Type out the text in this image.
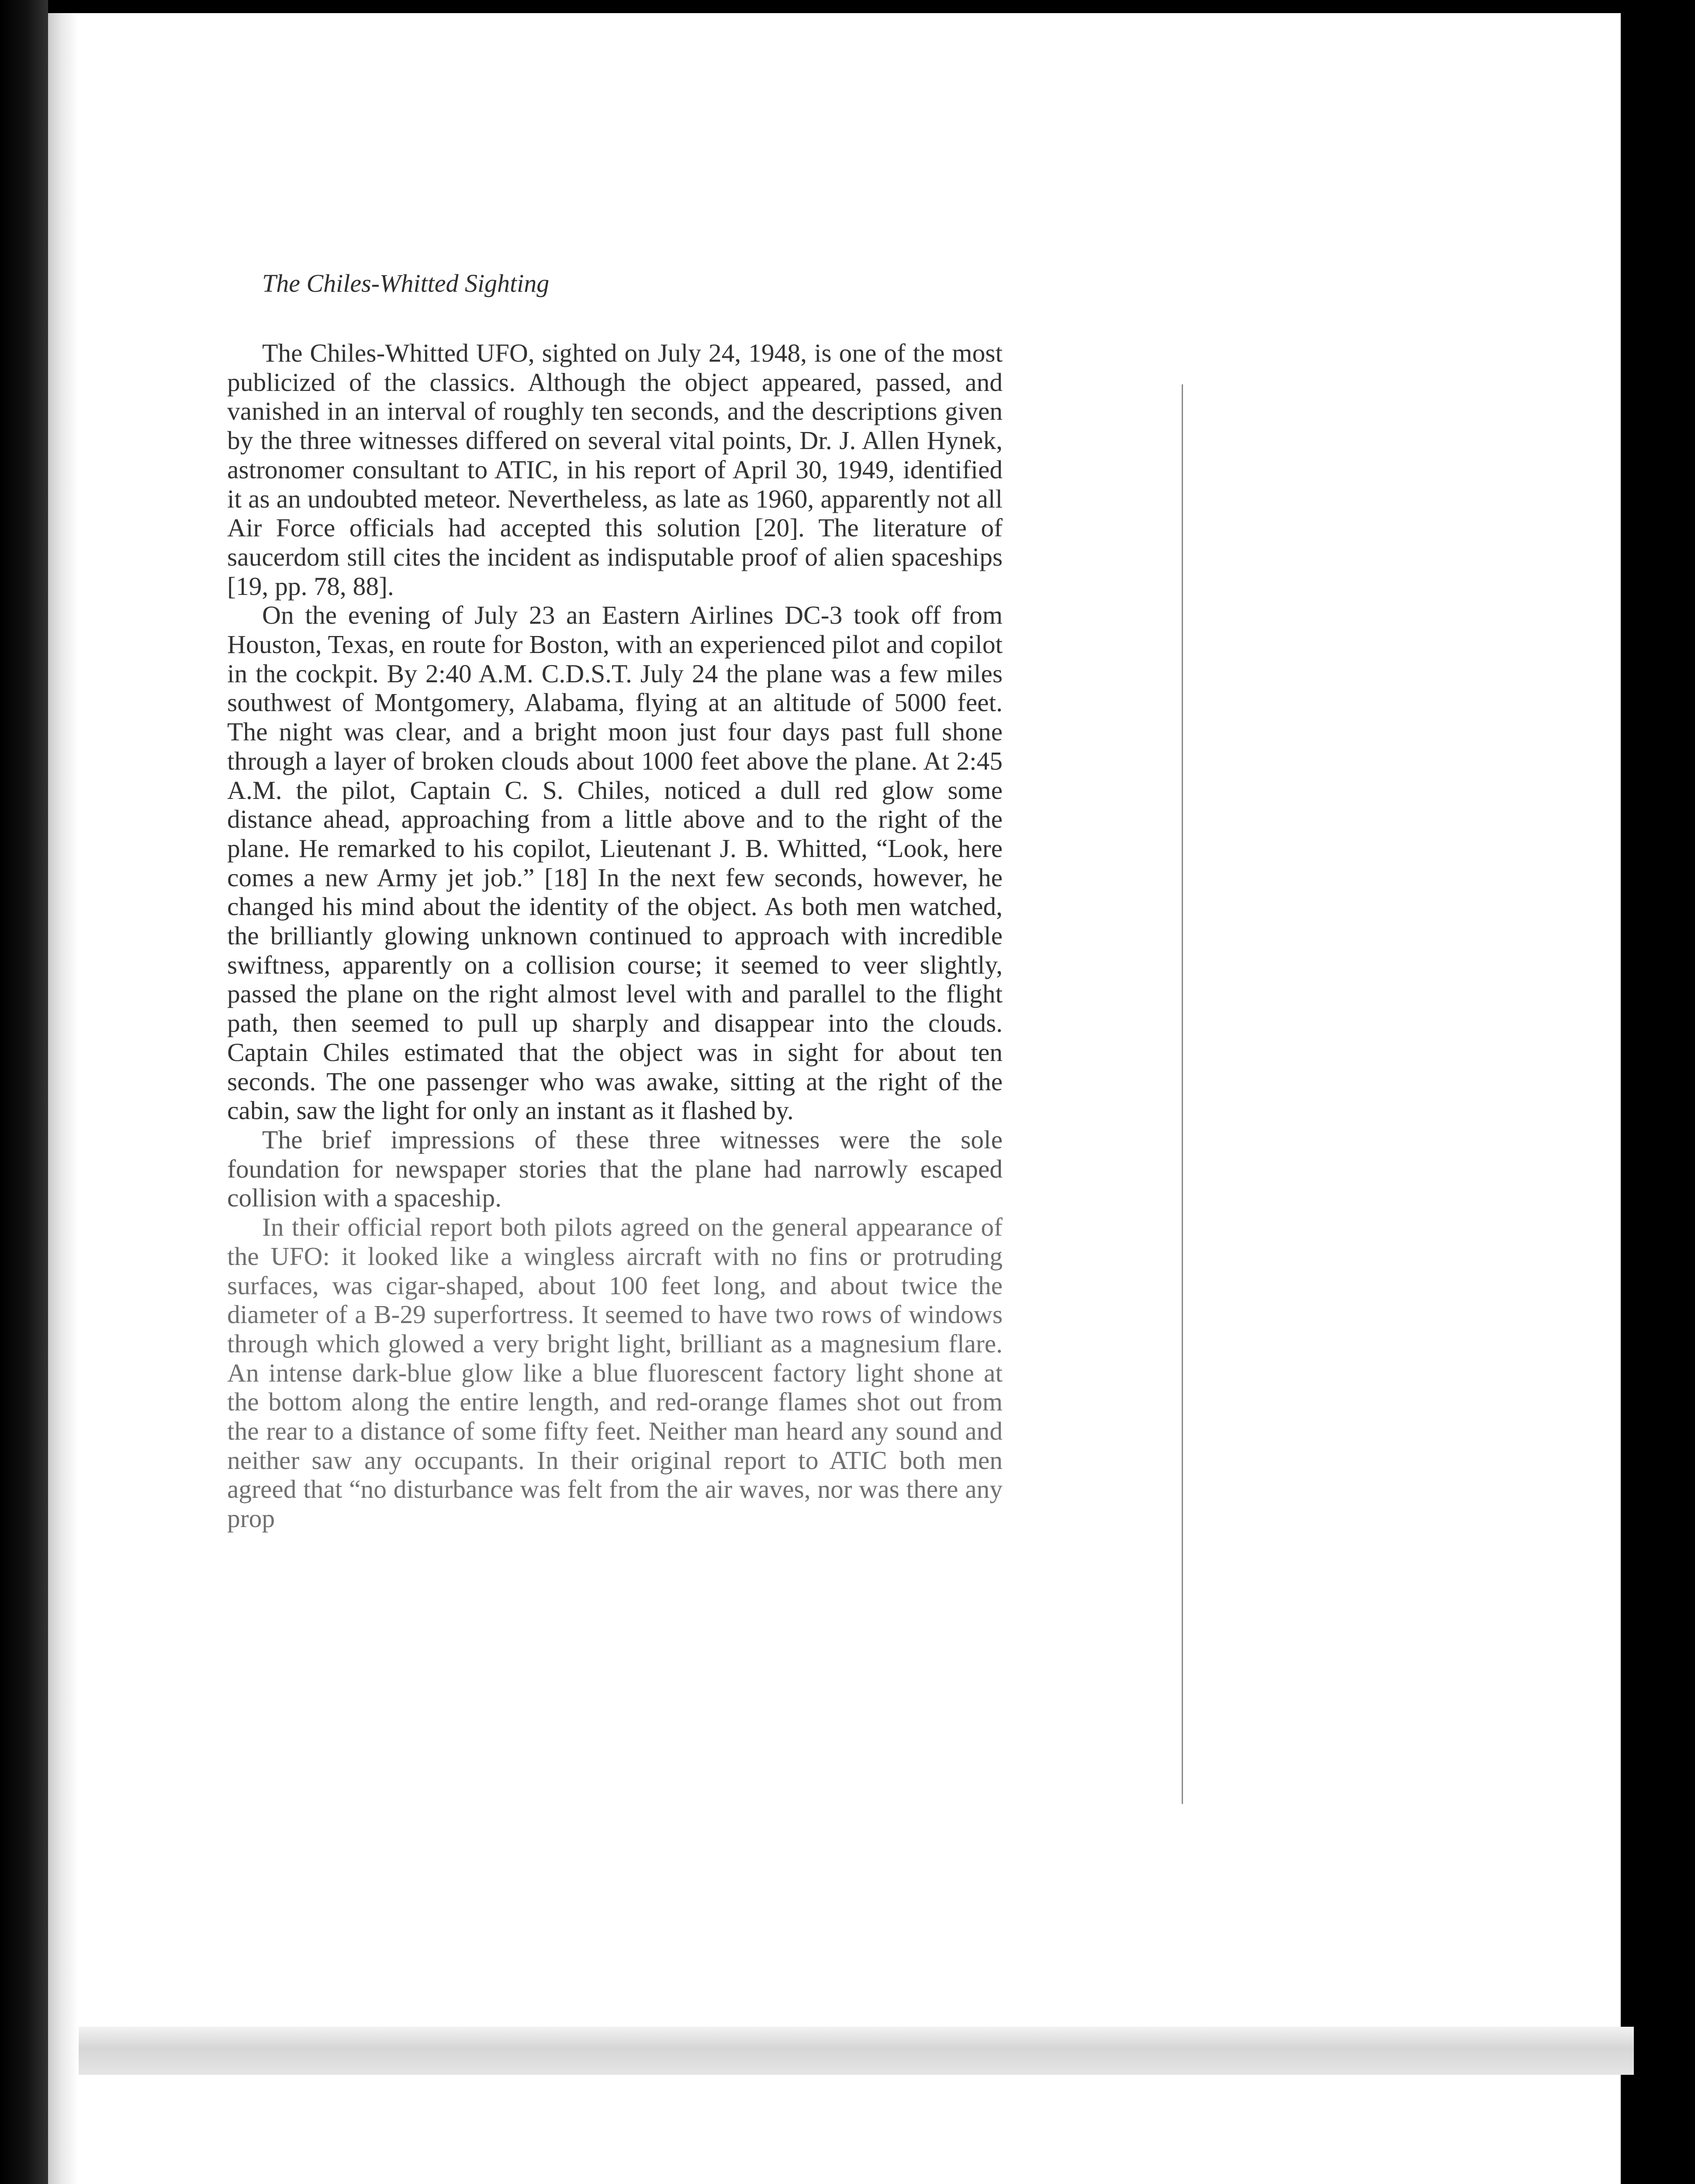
The Chiles-Whitted Sighting

The Chiles-Whitted UFO, sighted on July 24, 1948, is one of the most publicized of the classics. Although the object appeared, passed, and vanished in an interval of roughly ten seconds, and the descriptions given by the three witnesses differed on several vital points, Dr. J. Allen Hynek, astronomer consultant to ATIC, in his report of April 30, 1949, identified it as an undoubted meteor. Nevertheless, as late as 1960, apparently not all Air Force officials had accepted this solution [20]. The literature of saucerdom still cites the incident as indisputable proof of alien spaceships [19, pp. 78, 88].

On the evening of July 23 an Eastern Airlines DC-3 took off from Houston, Texas, en route for Boston, with an experienced pilot and copilot in the cockpit. By 2:40 A.M. C.D.S.T. July 24 the plane was a few miles southwest of Montgomery, Alabama, flying at an altitude of 5000 feet. The night was clear, and a bright moon just four days past full shone through a layer of broken clouds about 1000 feet above the plane. At 2:45 A.M. the pilot, Captain C. S. Chiles, noticed a dull red glow some distance ahead, approaching from a little above and to the right of the plane. He remarked to his copilot, Lieutenant J. B. Whitted, “Look, here comes a new Army jet job.” [18] In the next few seconds, however, he changed his mind about the identity of the object. As both men watched, the brilliantly glowing unknown continued to approach with incredible swiftness, apparently on a collision course; it seemed to veer slightly, passed the plane on the right almost level with and parallel to the flight path, then seemed to pull up sharply and disappear into the clouds. Captain Chiles estimated that the object was in sight for about ten seconds. The one passenger who was awake, sitting at the right of the cabin, saw the light for only an instant as it flashed by.

The brief impressions of these three witnesses were the sole foundation for newspaper stories that the plane had narrowly escaped collision with a spaceship.

In their official report both pilots agreed on the general appearance of the UFO: it looked like a wingless aircraft with no fins or protruding surfaces, was cigar-shaped, about 100 feet long, and about twice the diameter of a B-29 superfortress. It seemed to have two rows of windows through which glowed a very bright light, brilliant as a magnesium flare. An intense dark-blue glow like a blue fluorescent factory light shone at the bottom along the entire length, and red-orange flames shot out from the rear to a distance of some fifty feet. Neither man heard any sound and neither saw any occupants. In their original report to ATIC both men agreed that “no disturbance was felt from the air waves, nor was there any prop
